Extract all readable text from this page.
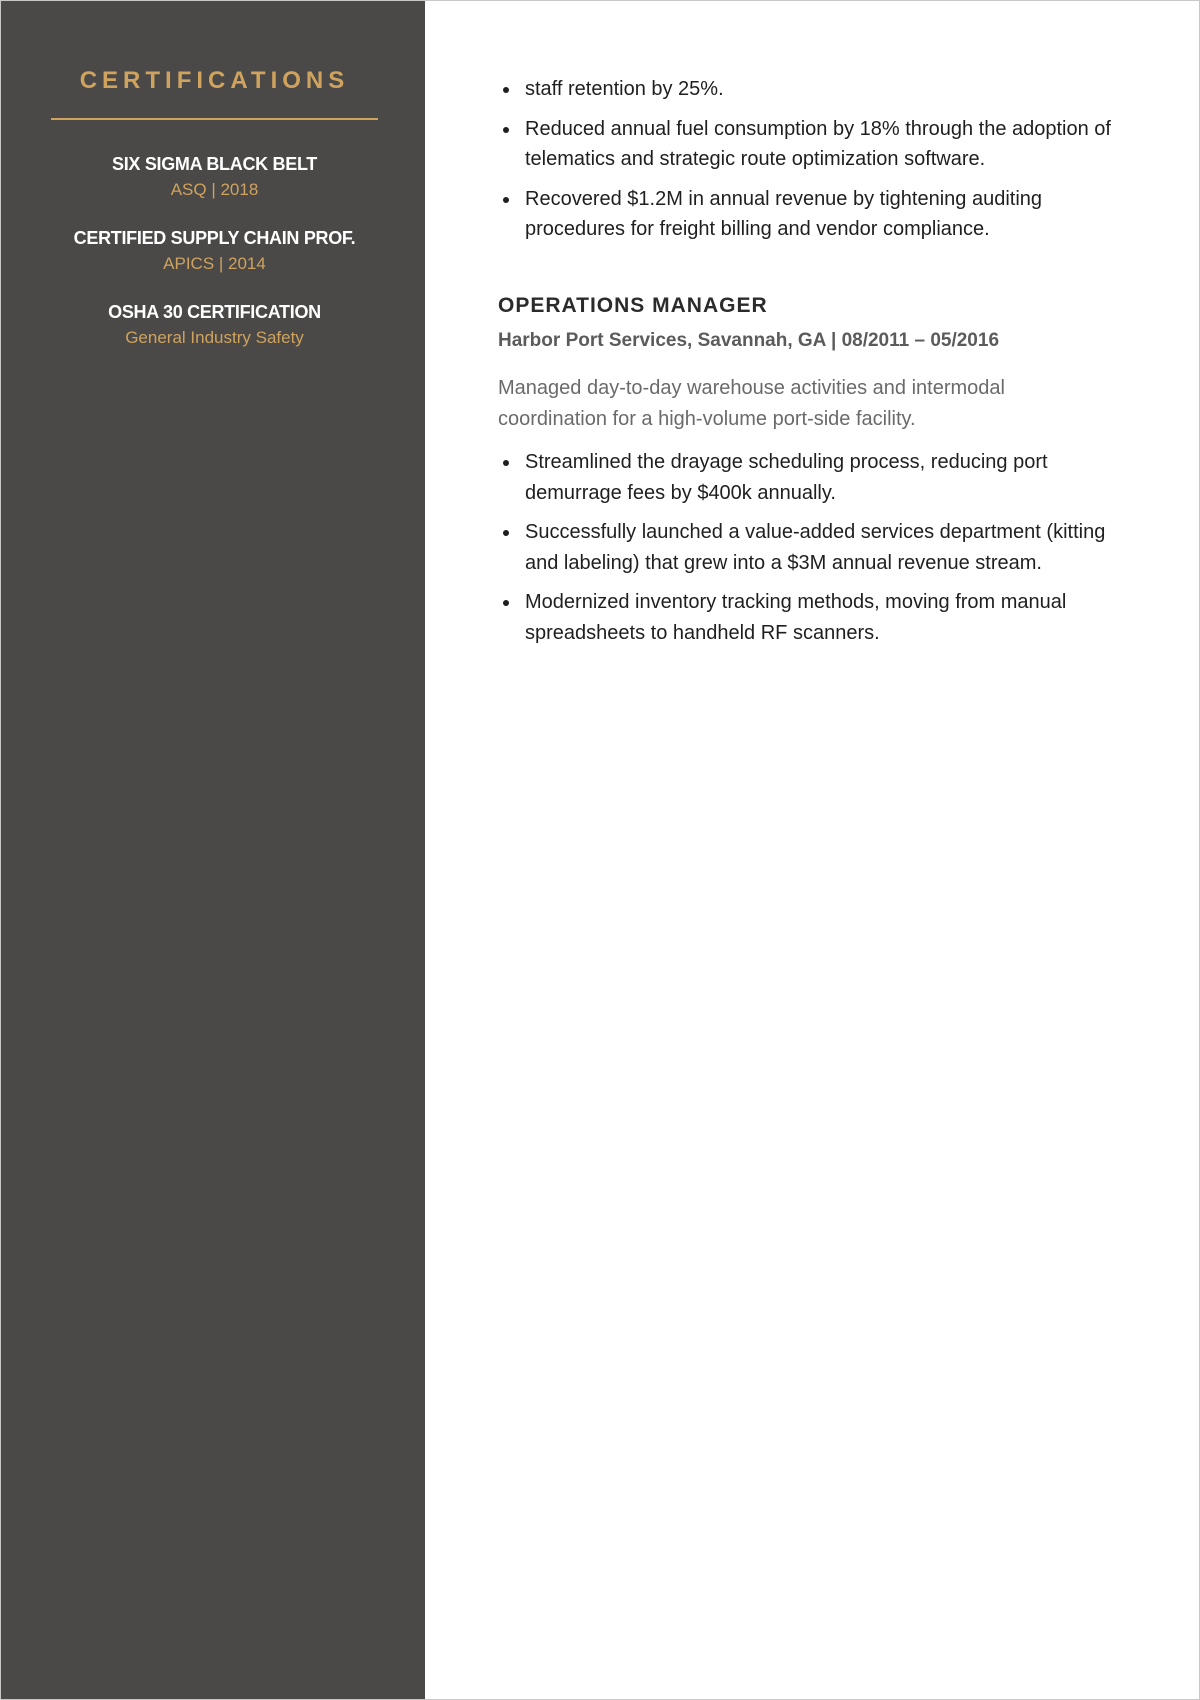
CERTIFICATIONS
SIX SIGMA BLACK BELT
ASQ | 2018
CERTIFIED SUPPLY CHAIN PROF.
APICS | 2014
OSHA 30 CERTIFICATION
General Industry Safety
staff retention by 25%.
Reduced annual fuel consumption by 18% through the adoption of telematics and strategic route optimization software.
Recovered $1.2M in annual revenue by tightening auditing procedures for freight billing and vendor compliance.
OPERATIONS MANAGER
Harbor Port Services, Savannah, GA | 08/2011 – 05/2016
Managed day-to-day warehouse activities and intermodal coordination for a high-volume port-side facility.
Streamlined the drayage scheduling process, reducing port demurrage fees by $400k annually.
Successfully launched a value-added services department (kitting and labeling) that grew into a $3M annual revenue stream.
Modernized inventory tracking methods, moving from manual spreadsheets to handheld RF scanners.
